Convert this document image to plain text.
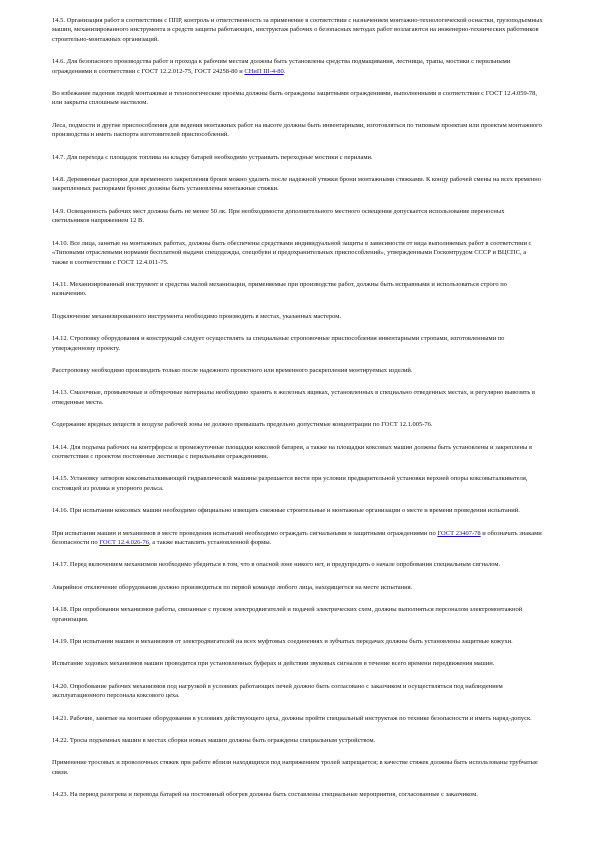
14.5. Организация работ в соответствии с ППР, контроль и ответственность за применение в соответствии с назначением монтажно-технологической оснастки, грузоподъемных машин, механизированного инструмента и средств защиты работающих, инструктаж рабочих о безопасных методах работ возлагаются на инженерно-технических работников строительно-монтажных организаций.

14.6. Для безопасного производства работ и прохода к рабочим местам должны быть установлены средства подмащивания, лестницы, трапы, мостики с перильными ограждениями в соответствии с ГОСТ 12.2.012-75, ГОСТ 24258-80 и СНиП III-4-80.

Во избежание падения людей монтажные и технологические проемы должны быть ограждены защитными ограждениями, выполненными в соответствии с ГОСТ 12.4.059-78, или закрыты сплошным настилом.

Леса, подмости и другие приспособления для ведения монтажных работ на высоте должны быть инвентарными, изготовляться по типовым проектам или проектам монтажного производства и иметь паспорта изготовителей приспособлений.

14.7. Для перехода с площадок топлива на кладку батарей необходимо устраивать переходные мостики с перилами.

14.8. Деревянные распорки для временного закрепления брони можно удалять после надежной утяжки брони монтажными стяжками. К концу рабочей смены на всех временно закрепленных распорками бронях должны быть установлены монтажные стяжки.

14.9. Освещенность рабочих мест должна быть не менее 50 лк. При необходимости дополнительного местного освещения допускается использование переносных светильников напряжением 12 В.

14.10. Все лица, занятые на монтажных работах, должны быть обеспечены средствами индивидуальной защиты в зависимости от вида выполняемых работ в соответствии с «Типовыми отраслевыми нормами бесплатной выдачи спецодежды, спецобуви и предохранительных приспособлений», утвержденными Госкомтрудом СССР и ВЦСПС, а также в соответствии с ГОСТ 12.4.011-75.

14.11. Механизированный инструмент и средства малой механизации, применяемые при производстве работ, должны быть исправными и использоваться строго по назначению.

Подключение механизированного инструмента необходимо производить в местах, указанных мастером.

14.12. Строповку оборудования и конструкций следует осуществлять за специальные строповочные приспособления инвентарными стропами, изготовленными по утвержденному проекту.

Расстроповку необходимо производить только после надежного проектного или временного раскрепления монтируемых изделий.

14.13. Смазочные, промывочные и обтирочные материалы необходимо хранить в железных ящиках, установленных в специально отведенных местах, и регулярно вывозить в отведенные места.

Содержание вредных веществ в воздухе рабочей зоны не должно превышать предельно допустимые концентрации по ГОСТ 12.1.005-76.

14.14. Для подъема рабочих на контрфорсы и промежуточные площадки коксовой батареи, а также на площадки коксовых машин должны быть установлены и закреплены в соответствии с проектом постоянные лестницы с перильными ограждениями.

14.15. Установку затворов коксовыталкивающей гидравлической машины разрешается вести при условии предварительной установки верхней опоры коксовыталкивателя, состоящей из ролика и упорного рельса.

14.16. При испытании коксовых машин необходимо официально извещать смежные строительные и монтажные организации о месте и времени проведения испытаний.

При испытании машин и механизмов в месте проведения испытаний необходимо ограждать сигнальными и защитными ограждениями по ГОСТ 23407-78 и обозначать знаками безопасности по ГОСТ 12.4.026-76, а также выставлять установленной формы.

14.17. Перед включением механизмов необходимо убедиться в том, что в опасной зоне никого нет, и предупредить о начале опробования специальным сигналом.

Аварийное отключение оборудования должно производиться по первой команде любого лица, находящегося на месте испытания.

14.18. При опробовании механизмов работы, связанные с пуском электродвигателей и подачей электрических схем, должны выполняться персоналом электромонтажной организации.

14.19. При испытании машин и механизмов от электродвигателей на всех муфтовых соединениях и зубчатых передачах должны быть установлены защитные кожухи.

Испытание ходовых механизмов машин проводится при установленных буферах и действии звуковых сигналов в течение всего времени передвижения машин.

14.20. Опробование рабочих механизмов под нагрузкой в условиях работающих печей должно быть согласовано с заказчиком и осуществляться под наблюдением эксплуатационного персонала коксового цеха.

14.21. Рабочие, занятые на монтаже оборудования в условиях действующего цеха, должны пройти специальный инструктаж по технике безопасности и иметь наряд-допуск.

14.22. Тросы подъемных машин в местах сборки новых машин должны быть ограждены специальным устройством.

Применение тросовых и проволочных стяжек при работе вблизи находящихся под напряжением тролей запрещается; в качестве стяжек должны быть использованы трубчатые связи.

14.23. На период разогрева и перевода батарей на постоянный обогрев должны быть составлены специальные мероприятия, согласованные с заказчиком.
